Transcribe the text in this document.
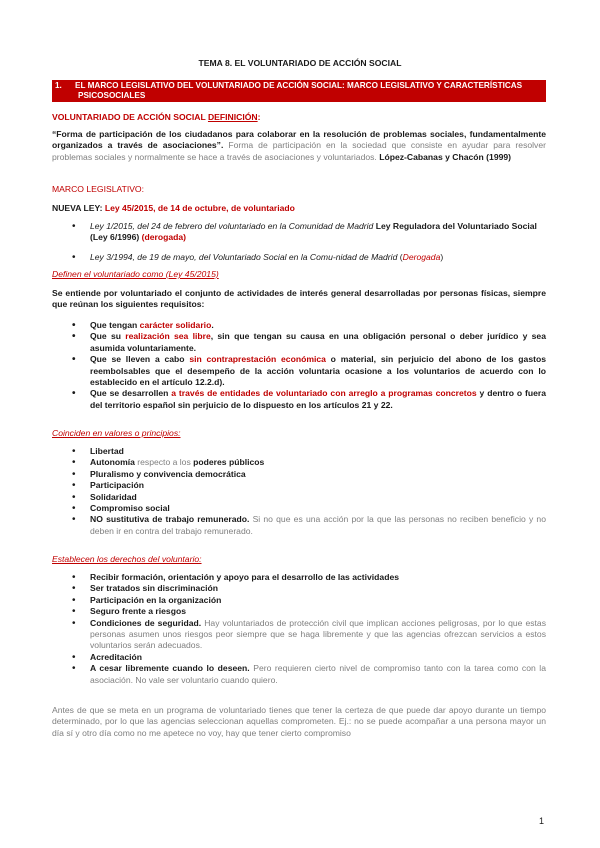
TEMA 8. EL VOLUNTARIADO DE ACCIÓN SOCIAL
1. EL MARCO LEGISLATIVO DEL VOLUNTARIADO DE ACCIÓN SOCIAL: MARCO LEGISLATIVO Y CARACTERÍSTICAS
PSICOSOCIALES
VOLUNTARIADO DE ACCIÓN SOCIAL DEFINICIÓN:
“Forma de participación de los ciudadanos para colaborar en la resolución de problemas sociales, fundamentalmente organizados a través de asociaciones”. Forma de participación en la sociedad que consiste en ayudar para resolver problemas sociales y normalmente se hace a través de asociaciones y voluntariados. López-Cabanas y Chacón (1999)
MARCO LEGISLATIVO:
NUEVA LEY: Ley 45/2015, de 14 de octubre, de voluntariado
• Ley 1/2015, del 24 de febrero del voluntariado en la Comunidad de Madrid Ley Reguladora del Voluntariado Social (Ley 6/1996) (derogada)
• Ley 3/1994, de 19 de mayo, del Voluntariado Social en la Comu-nidad de Madrid (Derogada)
Definen el voluntariado como (Ley 45/2015)
Se entiende por voluntariado el conjunto de actividades de interés general desarrolladas por personas físicas, siempre que reúnan los siguientes requisitos:
• Que tengan carácter solidario.
• Que su realización sea libre, sin que tengan su causa en una obligación personal o deber jurídico y sea asumida voluntariamente.
• Que se lleven a cabo sin contraprestación económica o material, sin perjuicio del abono de los gastos reembolsables que el desempeño de la acción voluntaria ocasione a los voluntarios de acuerdo con lo establecido en el artículo 12.2.d).
• Que se desarrollen a través de entidades de voluntariado con arreglo a programas concretos y dentro o fuera del territorio español sin perjuicio de lo dispuesto en los artículos 21 y 22.
Coinciden en valores o principios:
• Libertad
• Autonomía respecto a los poderes públicos
• Pluralismo y convivencia democrática
• Participación
• Solidaridad
• Compromiso social
• NO sustitutiva de trabajo remunerado. Si no que es una acción por la que las personas no reciben beneficio y no deben ir en contra del trabajo remunerado.
Establecen los derechos del voluntario:
• Recibir formación, orientación y apoyo para el desarrollo de las actividades
• Ser tratados sin discriminación
• Participación en la organización
• Seguro frente a riesgos
• Condiciones de seguridad. Hay voluntariados de protección civil que implican acciones peligrosas, por lo que estas personas asumen unos riesgos peor siempre que se haga libremente y que las agencias ofrezcan servicios a estos voluntarios serán adecuados.
• Acreditación
• A cesar libremente cuando lo deseen. Pero requieren cierto nivel de compromiso tanto con la tarea como con la asociación. No vale ser voluntario cuando quiero.
Antes de que se meta en un programa de voluntariado tienes que tener la certeza de que puede dar apoyo durante un tiempo determinado, por lo que las agencias seleccionan aquellas comprometen. Ej.: no se puede acompañar a una persona mayor un día sí y otro día como no me apetece no voy, hay que tener cierto compromiso
1
